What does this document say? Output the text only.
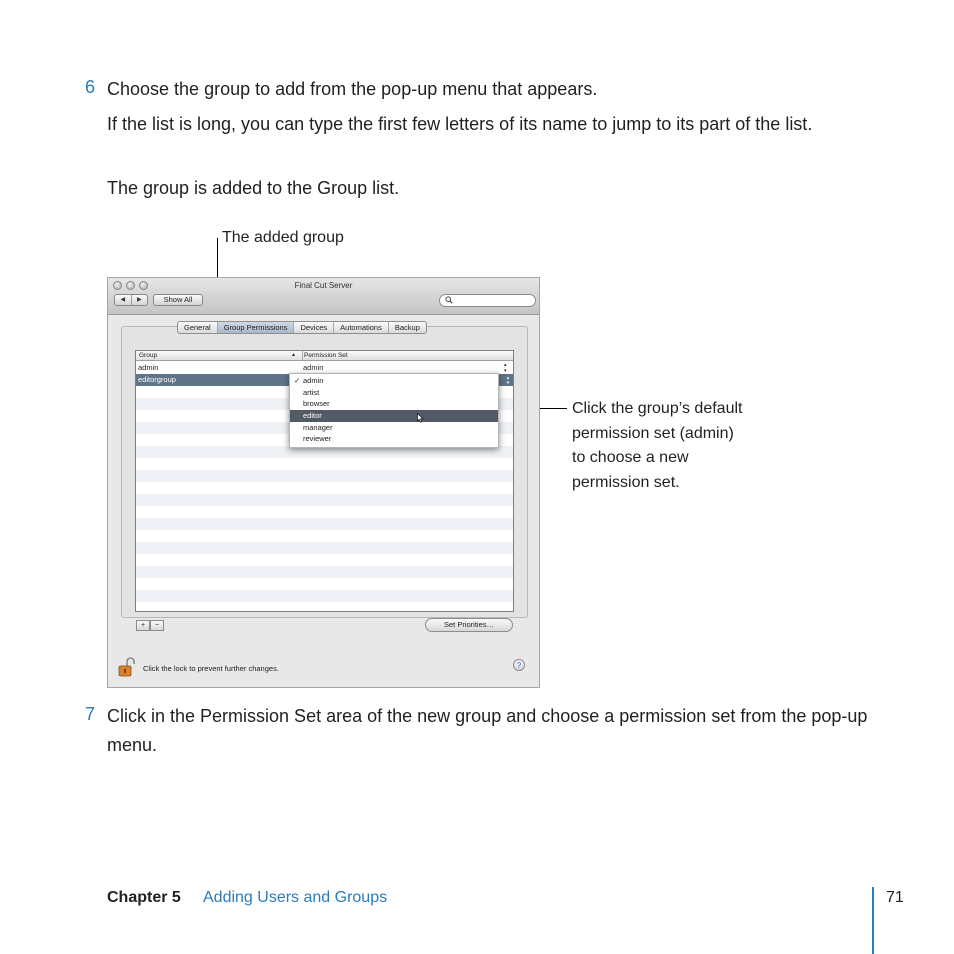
6 Choose the group to add from the pop-up menu that appears.
If the list is long, you can type the first few letters of its name to jump to its part of the list.
The group is added to the Group list.
The added group
Click the group’s default
permission set (admin)
to choose a new
permission set.
Final Cut Server
◀	▶	Show All
General	Group Permissions	Devices	Automations	Backup
Group	▲ Permission Set
admin	admin	▴
▾
editorgroup	✓ admin	▴
▾
artist
browser
editor
manager
reviewer
+	−	Set Priorities…
Click the lock to prevent further changes.	?
7 Click in the Permission Set area of the new group and choose a permission set from the pop-up menu.
Chapter 5 Adding Users and Groups	71
